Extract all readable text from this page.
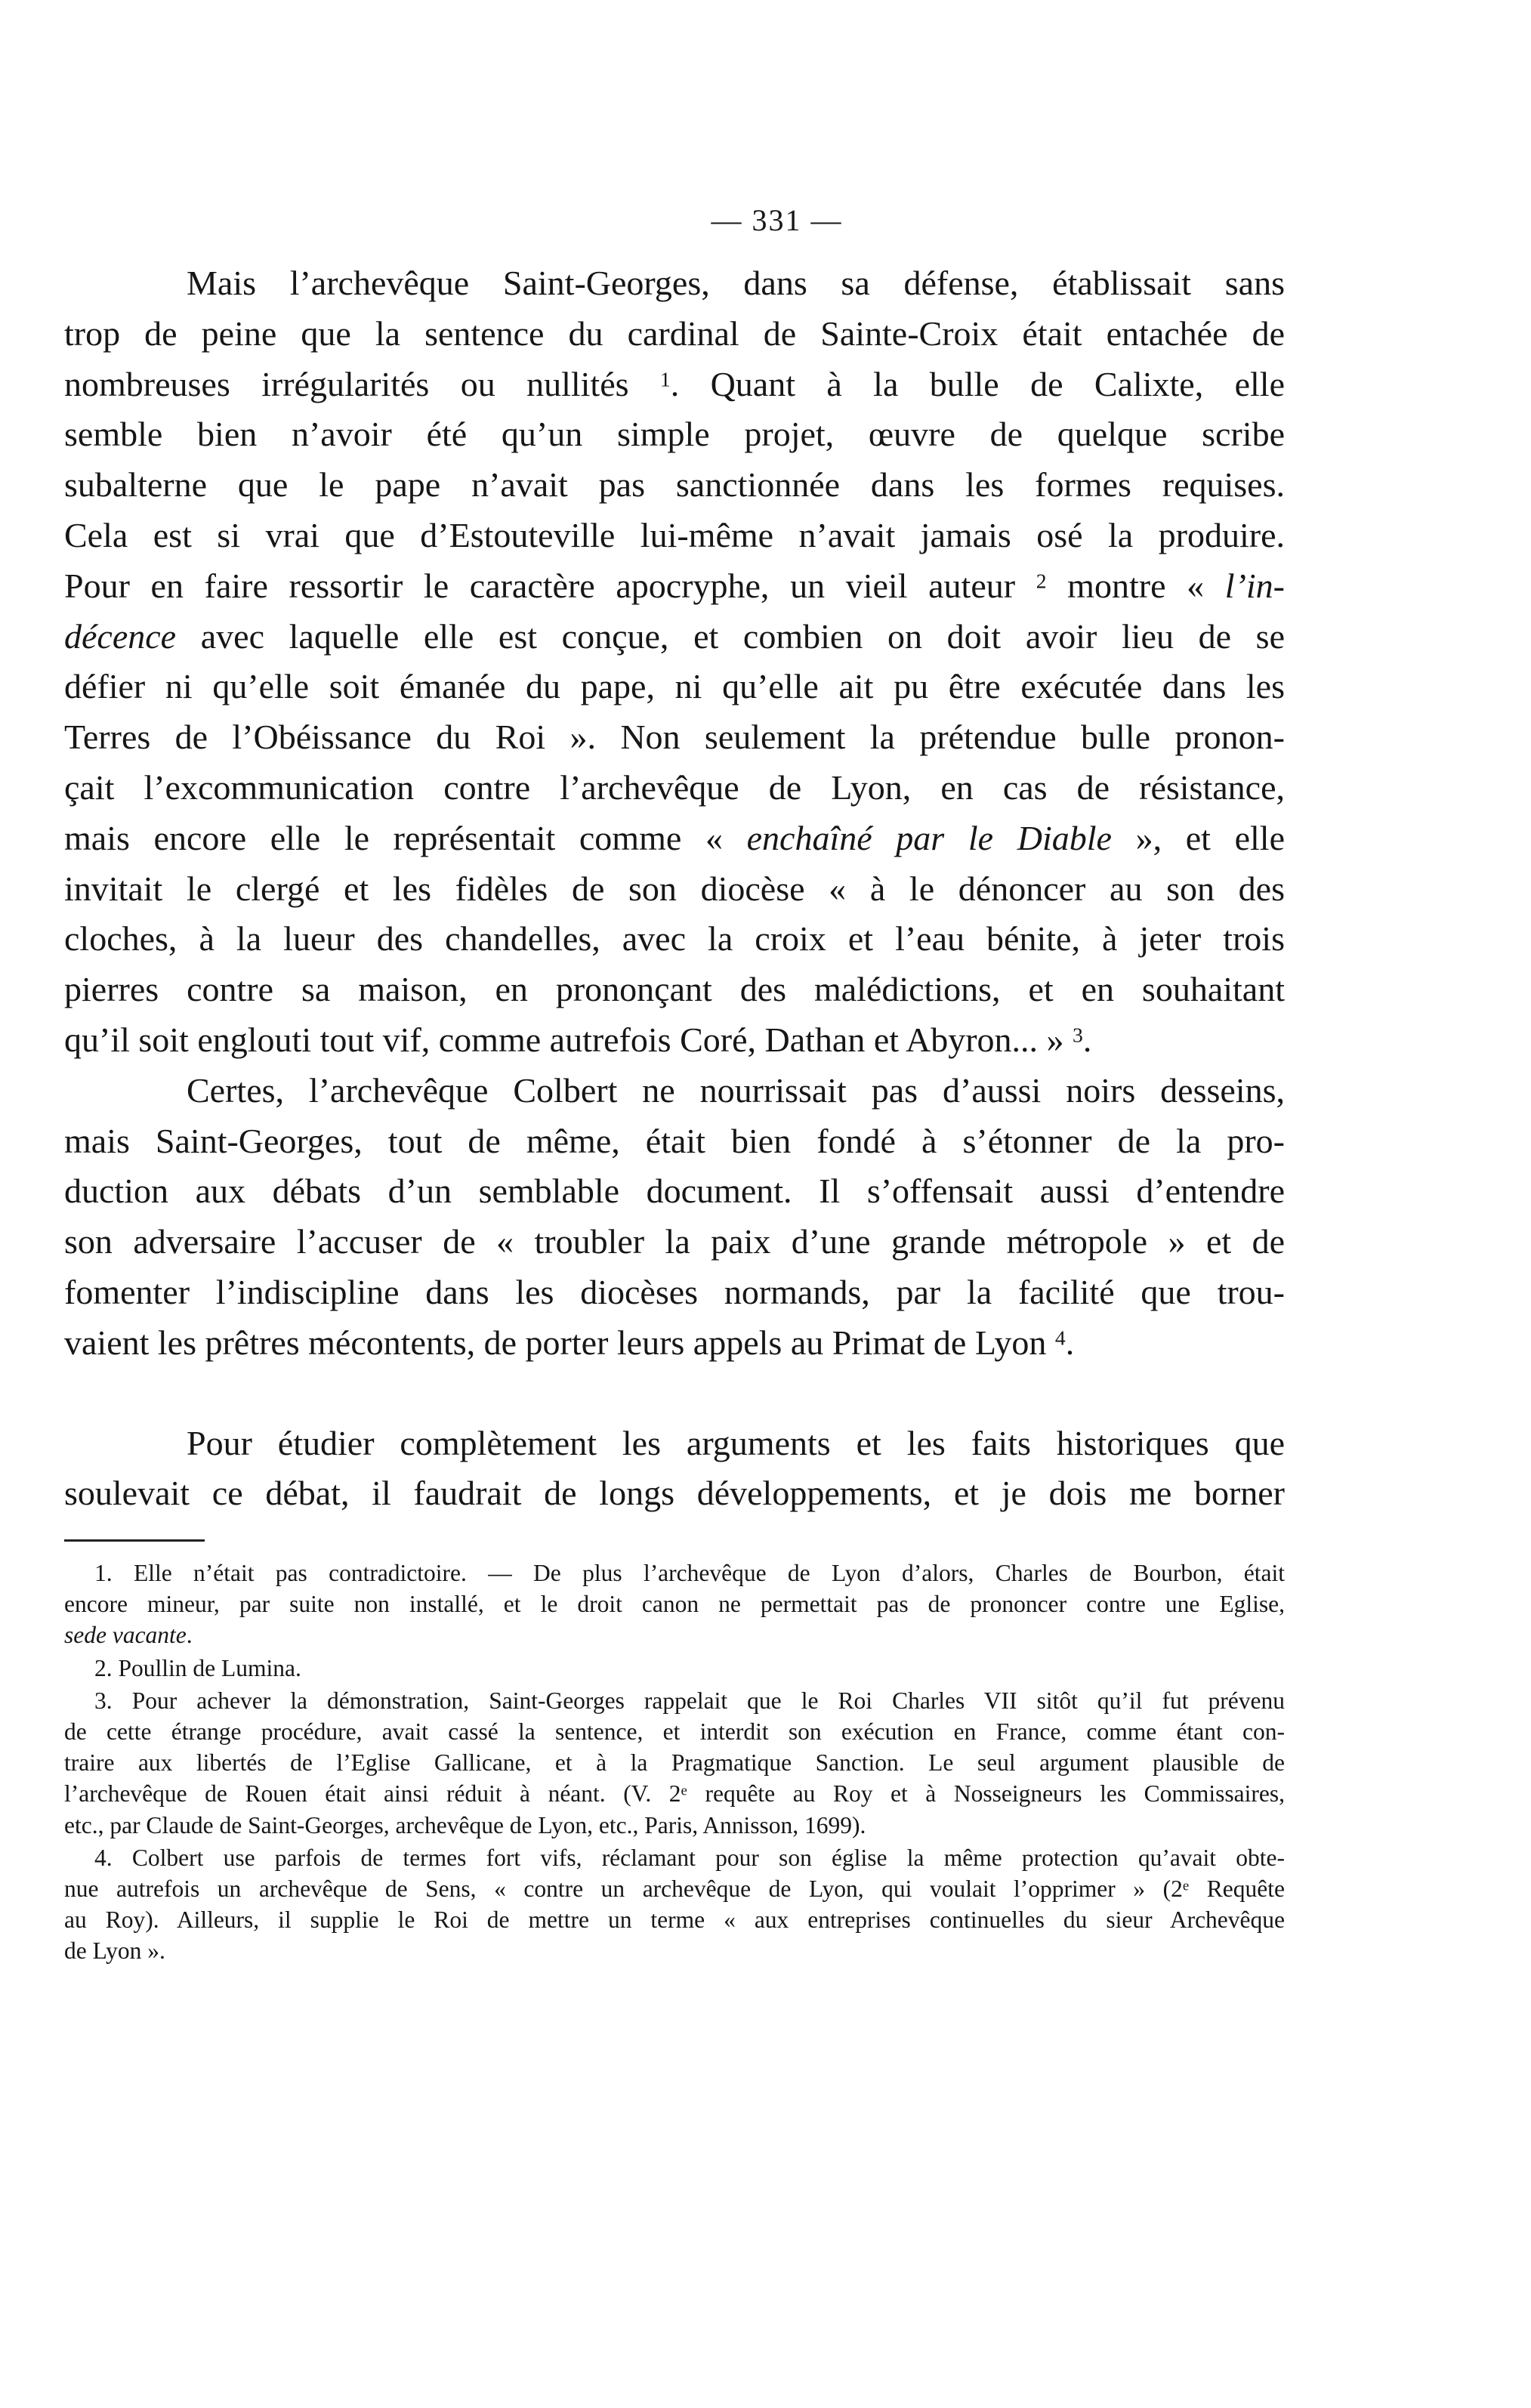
— 331 —
Mais l’archevêque Saint-Georges, dans sa défense, établissait sans
trop de peine que la sentence du cardinal de Sainte-Croix était entachée de
nombreuses irrégularités ou nullités $^1$. Quant à la bulle de Calixte, elle
semble bien n’avoir été qu’un simple projet, œuvre de quelque scribe
subalterne que le pape n’avait pas sanctionnée dans les formes requises.
Cela est si vrai que d’Estouteville lui-même n’avait jamais osé la produire.
Pour en faire ressortir le caractère apocryphe, un vieil auteur $^2$ montre « l’in-
décence avec laquelle elle est conçue, et combien on doit avoir lieu de se
défier ni qu’elle soit émanée du pape, ni qu’elle ait pu être exécutée dans les
Terres de l’Obéissance du Roi ». Non seulement la prétendue bulle pronon-
çait l’excommunication contre l’archevêque de Lyon, en cas de résistance,
mais encore elle le représentait comme « enchaîné par le Diable », et elle
invitait le clergé et les fidèles de son diocèse « à le dénoncer au son des
cloches, à la lueur des chandelles, avec la croix et l’eau bénite, à jeter trois
pierres contre sa maison, en prononçant des malédictions, et en souhaitant
qu’il soit englouti tout vif, comme autrefois Coré, Dathan et Abyron... » $^3$.
Certes, l’archevêque Colbert ne nourrissait pas d’aussi noirs desseins,
mais Saint-Georges, tout de même, était bien fondé à s’étonner de la pro-
duction aux débats d’un semblable document. Il s’offensait aussi d’entendre
son adversaire l’accuser de « troubler la paix d’une grande métropole » et de
fomenter l’indiscipline dans les diocèses normands, par la facilité que trou-
vaient les prêtres mécontents, de porter leurs appels au Primat de Lyon $^4$.
Pour étudier complètement les arguments et les faits historiques que
soulevait ce débat, il faudrait de longs développements, et je dois me borner
1. Elle n’était pas contradictoire. — De plus l’archevêque de Lyon d’alors, Charles de Bourbon, était
encore mineur, par suite non installé, et le droit canon ne permettait pas de prononcer contre une Eglise,
sede vacante.
2. Poullin de Lumina.
3. Pour achever la démonstration, Saint-Georges rappelait que le Roi Charles VII sitôt qu’il fut prévenu
de cette étrange procédure, avait cassé la sentence, et interdit son exécution en France, comme étant con-
traire aux libertés de l’Eglise Gallicane, et à la Pragmatique Sanction. Le seul argument plausible de
l’archevêque de Rouen était ainsi réduit à néant. (V. 2e requête au Roy et à Nosseigneurs les Commissaires,
etc., par Claude de Saint-Georges, archevêque de Lyon, etc., Paris, Annisson, 1699).
4. Colbert use parfois de termes fort vifs, réclamant pour son église la même protection qu’avait obte-
nue autrefois un archevêque de Sens, « contre un archevêque de Lyon, qui voulait l’opprimer » (2e Requête
au Roy). Ailleurs, il supplie le Roi de mettre un terme « aux entreprises continuelles du sieur Archevêque
de Lyon ».
